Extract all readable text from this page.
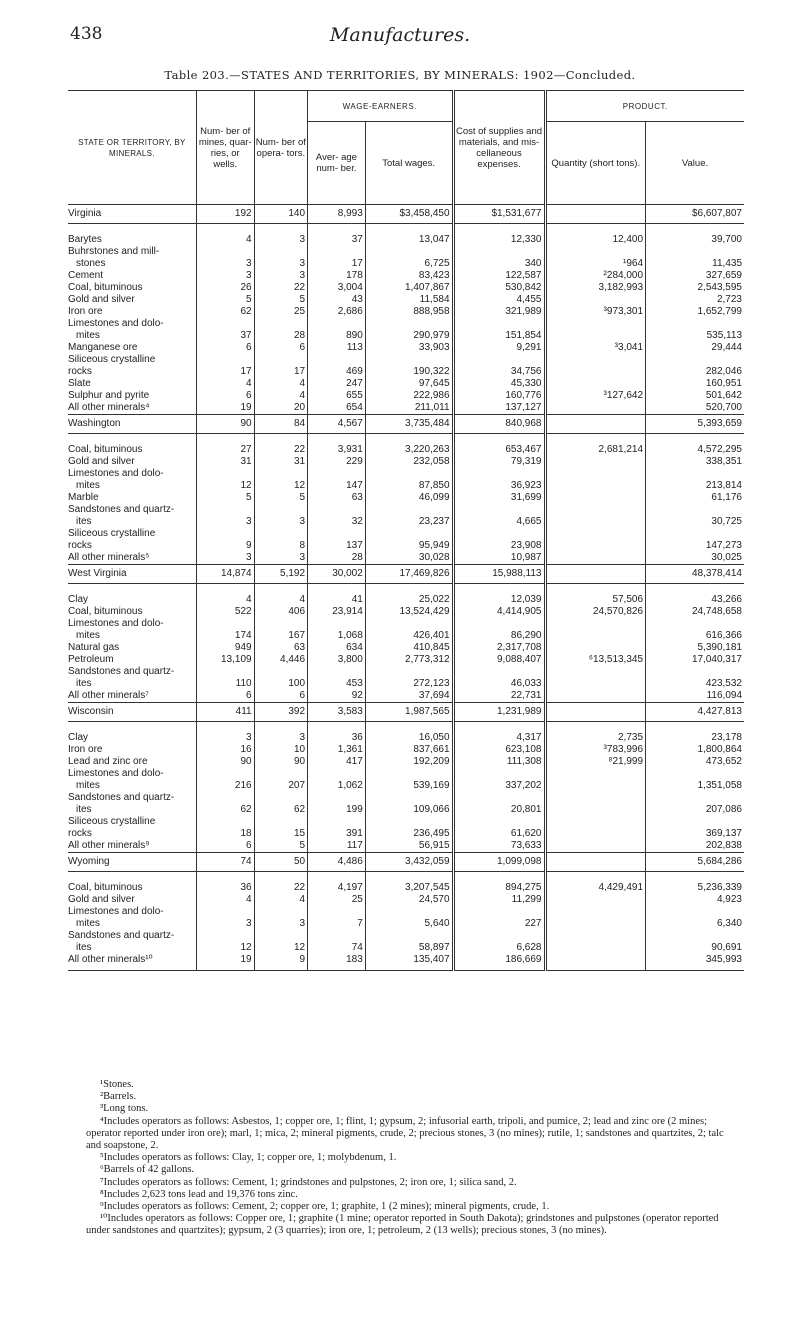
438	Manufactures.
Table 203.—STATES AND TERRITORIES, BY MINERALS: 1902—Concluded.
STATE OR TERRITORY, BY MINERALS.	Num- ber of mines, quar- ries, or wells.	Num- ber of opera- tors.	WAGE-EARNERS.		Cost of supplies and materials, and mis- cellaneous expenses.	PRODUCT.	
			Aver- age num- ber.	Total wages.		Quantity (short tons).	Value.
Virginia	192	140	8,993	$3,458,450	$1,531,677		$6,607,807

Barytes	4	3	37	13,047	12,330	12,400	39,700
Buhrstones and mill-							
stones	3	3	17	6,725	340	¹964	11,435
Cement	3	3	178	83,423	122,587	²284,000	327,659
Coal, bituminous	26	22	3,004	1,407,867	530,842	3,182,993	2,543,595
Gold and silver	5	5	43	11,584	4,455		2,723
Iron ore	62	25	2,686	888,958	321,989	³973,301	1,652,799
Limestones and dolo-							
mites	37	28	890	290,979	151,854		535,113
Manganese ore	6	6	113	33,903	9,291	³3,041	29,444
Siliceous crystalline							
rocks	17	17	469	190,322	34,756		282,046
Slate	4	4	247	97,645	45,330		160,951
Sulphur and pyrite	6	4	655	222,986	160,776	³127,642	501,642
All other minerals⁴	19	20	654	211,011	137,127		520,700
Washington	90	84	4,567	3,735,484	840,968		5,393,659

Coal, bituminous	27	22	3,931	3,220,263	653,467	2,681,214	4,572,295
Gold and silver	31	31	229	232,058	79,319		338,351
Limestones and dolo-							
mites	12	12	147	87,850	36,923		213,814
Marble	5	5	63	46,099	31,699		61,176
Sandstones and quartz-							
ites	3	3	32	23,237	4,665		30,725
Siliceous crystalline							
rocks	9	8	137	95,949	23,908		147,273
All other minerals⁵	3	3	28	30,028	10,987		30,025
West Virginia	14,874	5,192	30,002	17,469,826	15,988,113		48,378,414

Clay	4	4	41	25,022	12,039	57,506	43,266
Coal, bituminous	522	406	23,914	13,524,429	4,414,905	24,570,826	24,748,658
Limestones and dolo-							
mites	174	167	1,068	426,401	86,290		616,366
Natural gas	949	63	634	410,845	2,317,708		5,390,181
Petroleum	13,109	4,446	3,800	2,773,312	9,088,407	⁶13,513,345	17,040,317
Sandstones and quartz-							
ites	110	100	453	272,123	46,033		423,532
All other minerals⁷	6	6	92	37,694	22,731		116,094
Wisconsin	411	392	3,583	1,987,565	1,231,989		4,427,813

Clay	3	3	36	16,050	4,317	2,735	23,178
Iron ore	16	10	1,361	837,661	623,108	³783,996	1,800,864
Lead and zinc ore	90	90	417	192,209	111,308	⁸21,999	473,652
Limestones and dolo-							
mites	216	207	1,062	539,169	337,202		1,351,058
Sandstones and quartz-							
ites	62	62	199	109,066	20,801		207,086
Siliceous crystalline							
rocks	18	15	391	236,495	61,620		369,137
All other minerals⁹	6	5	117	56,915	73,633		202,838
Wyoming	74	50	4,486	3,432,059	1,099,098		5,684,286

Coal, bituminous	36	22	4,197	3,207,545	894,275	4,429,491	5,236,339
Gold and silver	4	4	25	24,570	11,299		4,923
Limestones and dolo-							
mites	3	3	7	5,640	227		6,340
Sandstones and quartz-							
ites	12	12	74	58,897	6,628		90,691
All other minerals¹⁰	19	9	183	135,407	186,669		345,993

¹Stones.

²Barrels.

³Long tons.

⁴Includes operators as follows: Asbestos, 1; copper ore, 1; flint, 1; gypsum, 2; infusorial earth, tripoli, and pumice, 2; lead and zinc ore (2 mines; operator reported under iron ore); marl, 1; mica, 2; mineral pigments, crude, 2; precious stones, 3 (no mines); rutile, 1; sandstones and quartzites, 2; talc and soapstone, 2.

⁵Includes operators as follows: Clay, 1; copper ore, 1; molybdenum, 1.

⁶Barrels of 42 gallons.

⁷Includes operators as follows: Cement, 1; grindstones and pulpstones, 2; iron ore, 1; silica sand, 2.

⁸Includes 2,623 tons lead and 19,376 tons zinc.

⁹Includes operators as follows: Cement, 2; copper ore, 1; graphite, 1 (2 mines); mineral pigments, crude, 1.

¹⁰Includes operators as follows: Copper ore, 1; graphite (1 mine; operator reported in South Dakota); grindstones and pulpstones (operator reported under sandstones and quartzites); gypsum, 2 (3 quarries); iron ore, 1; petroleum, 2 (13 wells); precious stones, 3 (no mines).
